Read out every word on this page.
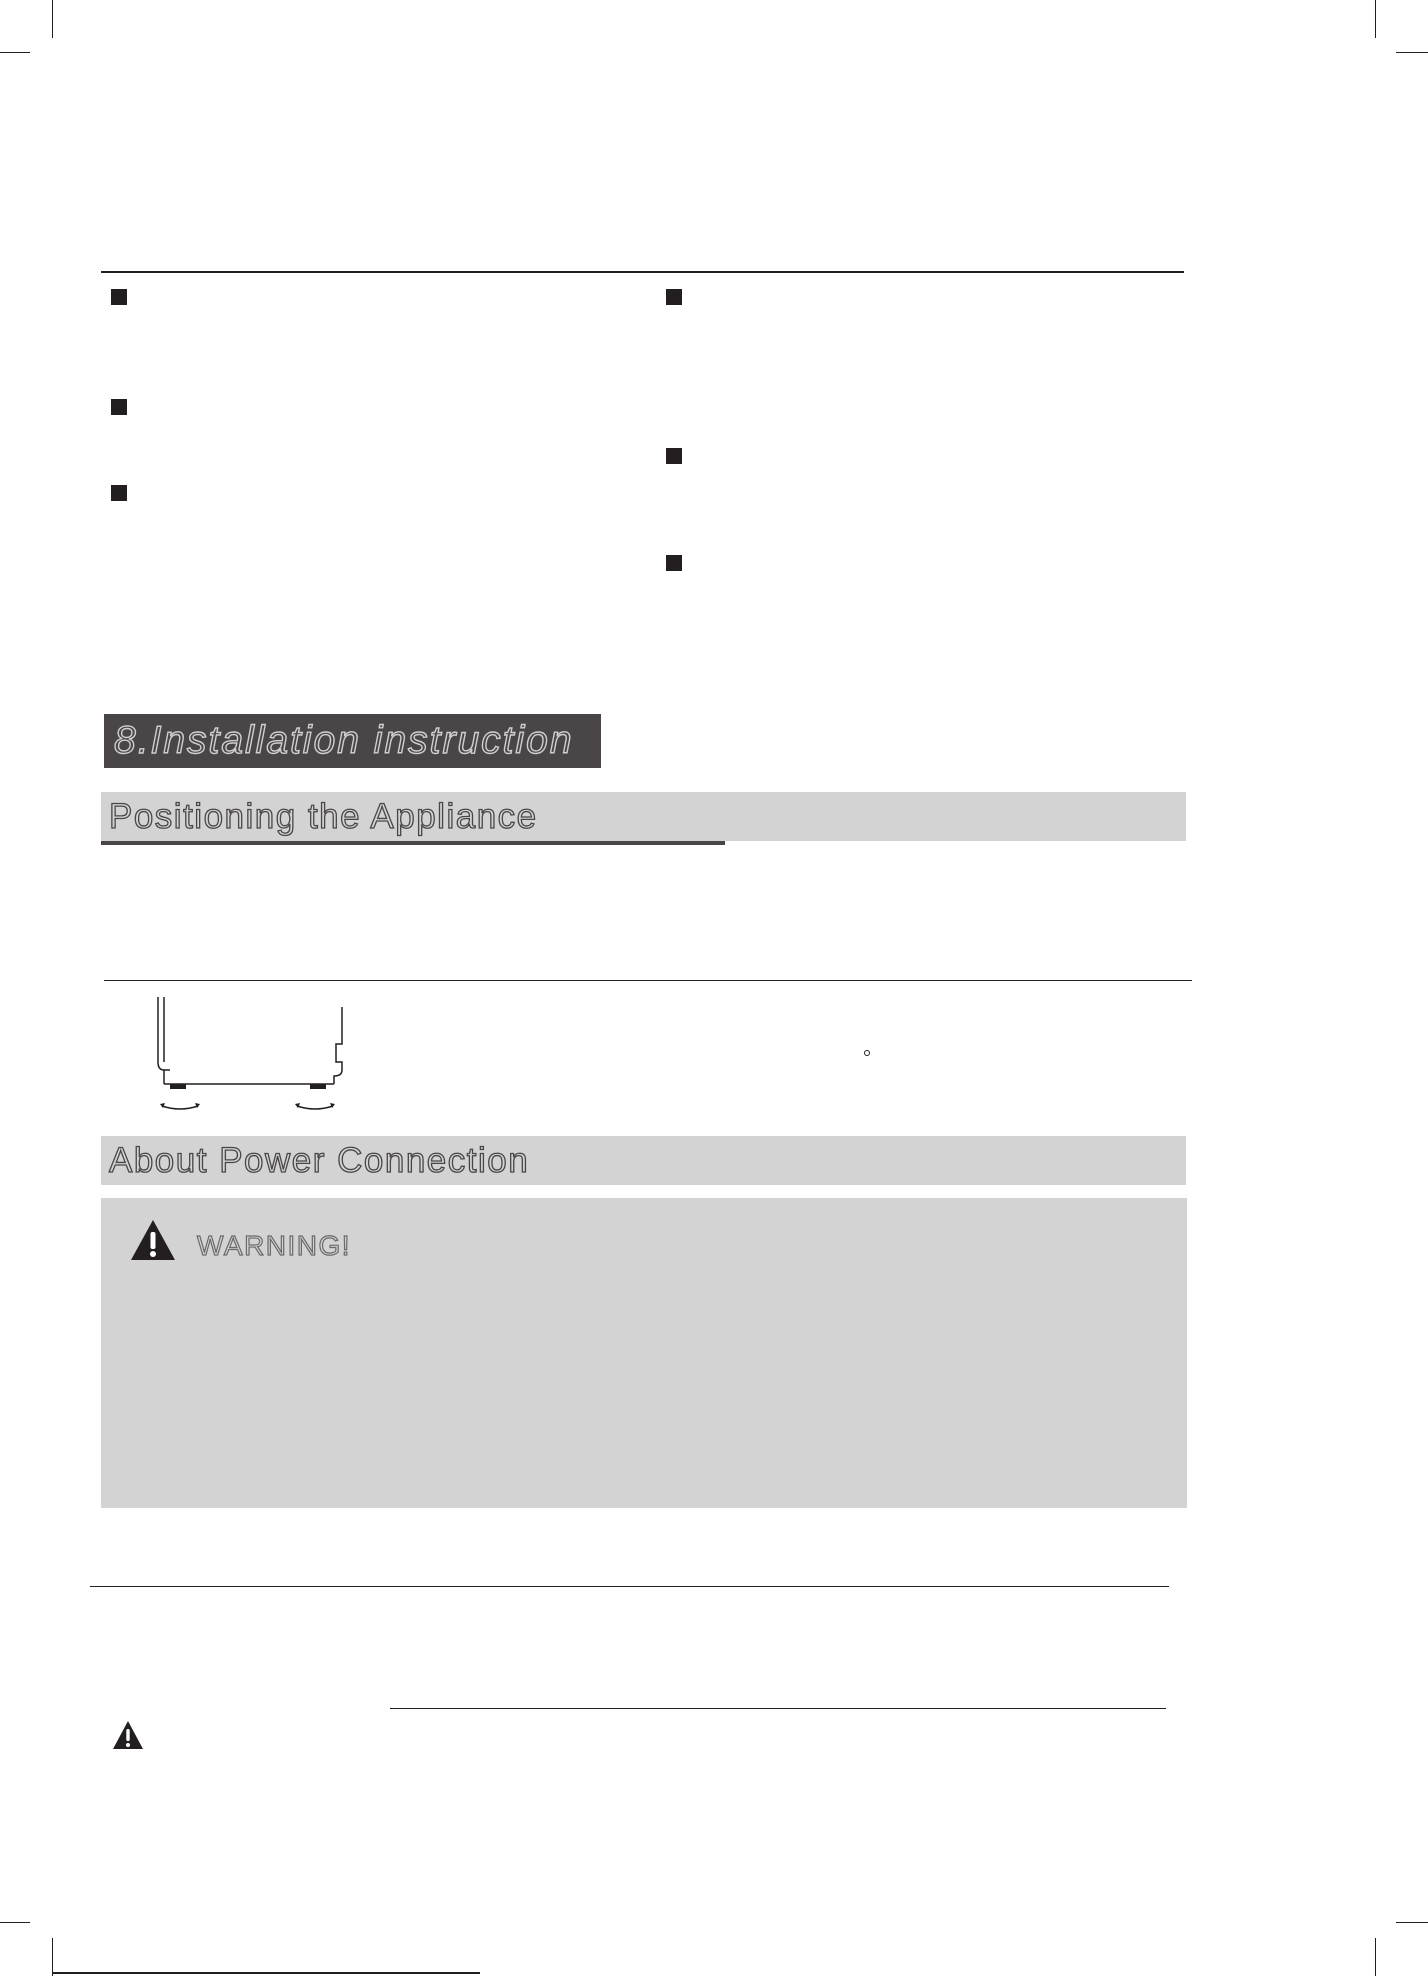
8.Installation instruction
Positioning the Appliance
About Power Connection
WARNING!
